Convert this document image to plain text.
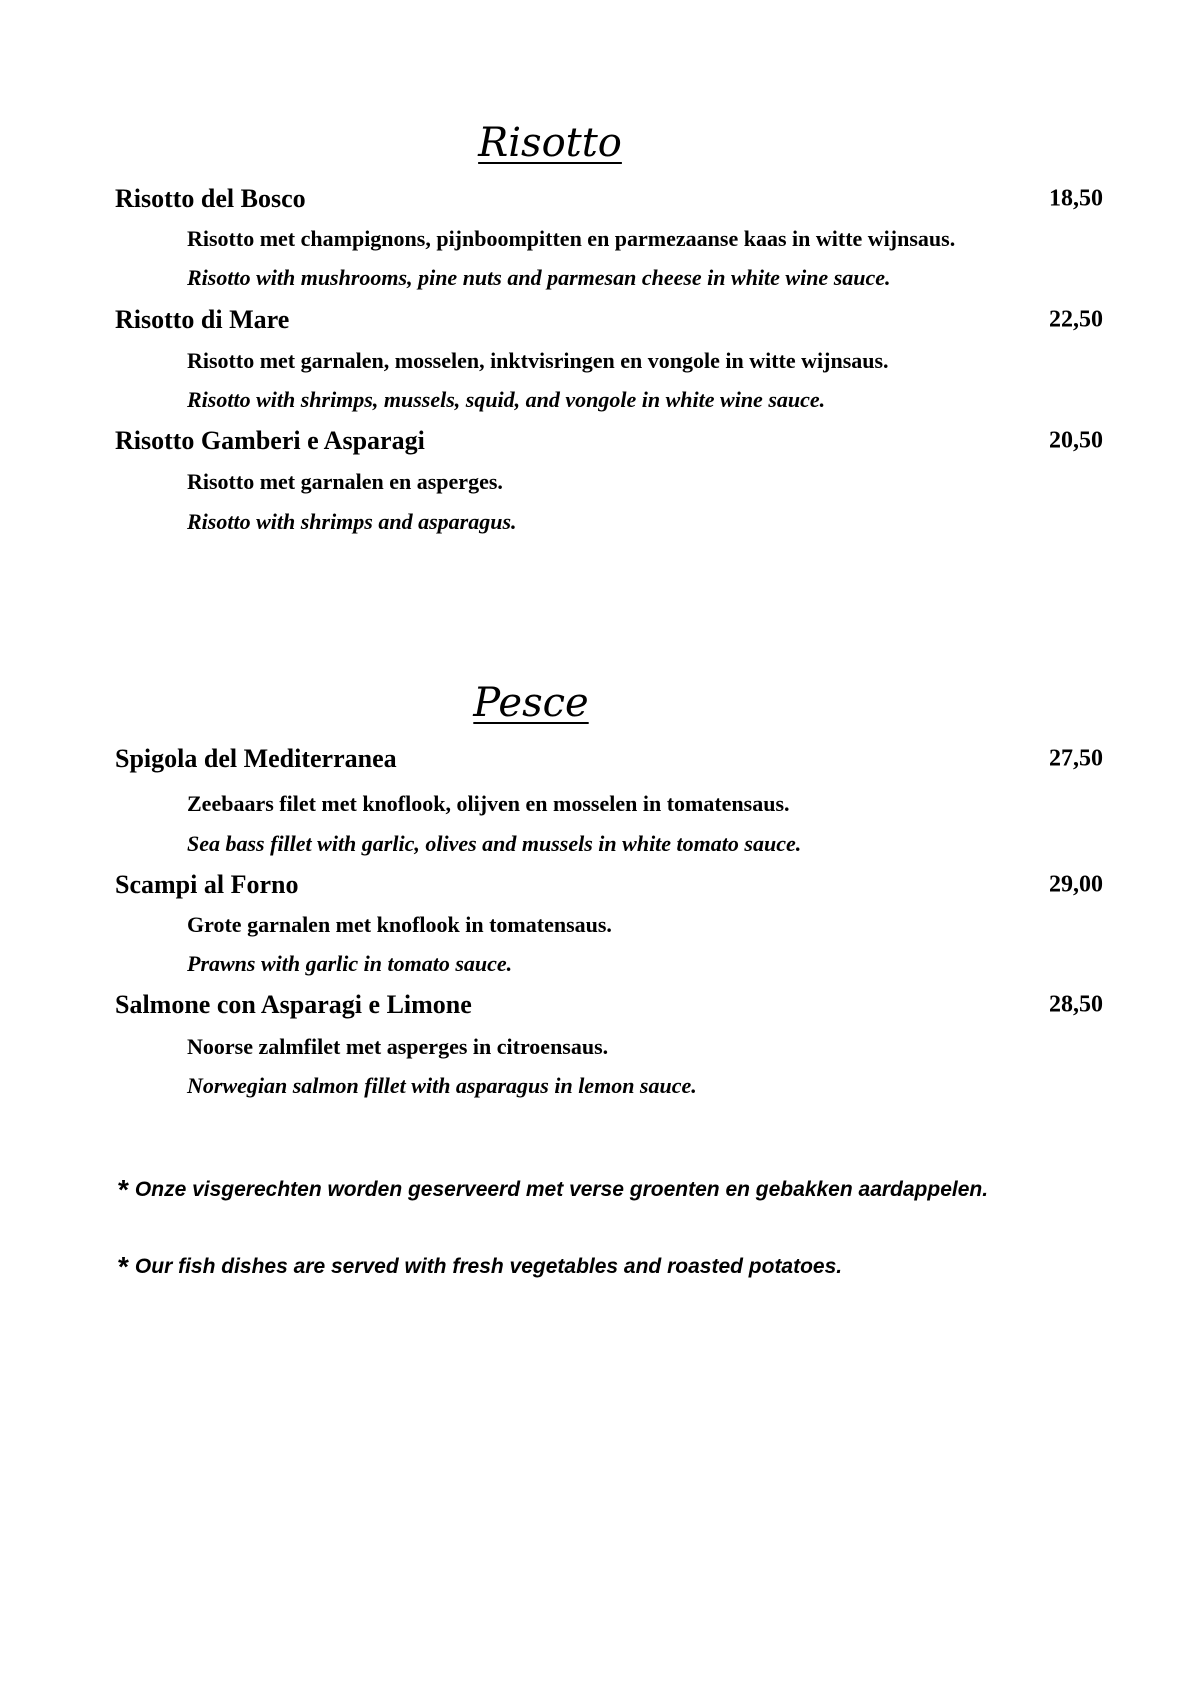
Risotto
Risotto del Bosco	18,50
Risotto met champignons, pijnboompitten en parmezaanse kaas in witte wijnsaus.
Risotto with mushrooms, pine nuts and parmesan cheese in white wine sauce.
Risotto di Mare	22,50
Risotto met garnalen, mosselen, inktvisringen en vongole in witte wijnsaus.
Risotto with shrimps, mussels, squid, and vongole in white wine sauce.
Risotto Gamberi e Asparagi	20,50
Risotto met garnalen en asperges.
Risotto with shrimps and asparagus.
Pesce
Spigola del Mediterranea	27,50
Zeebaars filet met knoflook, olijven en mosselen in tomatensaus.
Sea bass fillet with garlic, olives and mussels in white tomato sauce.
Scampi al Forno	29,00
Grote garnalen met knoflook in tomatensaus.
Prawns with garlic in tomato sauce.
Salmone con Asparagi e Limone	28,50
Noorse zalmfilet met asperges in citroensaus.
Norwegian salmon fillet with asparagus in lemon sauce.
* Onze visgerechten worden geserveerd met verse groenten en gebakken aardappelen.
* Our fish dishes are served with fresh vegetables and roasted potatoes.
